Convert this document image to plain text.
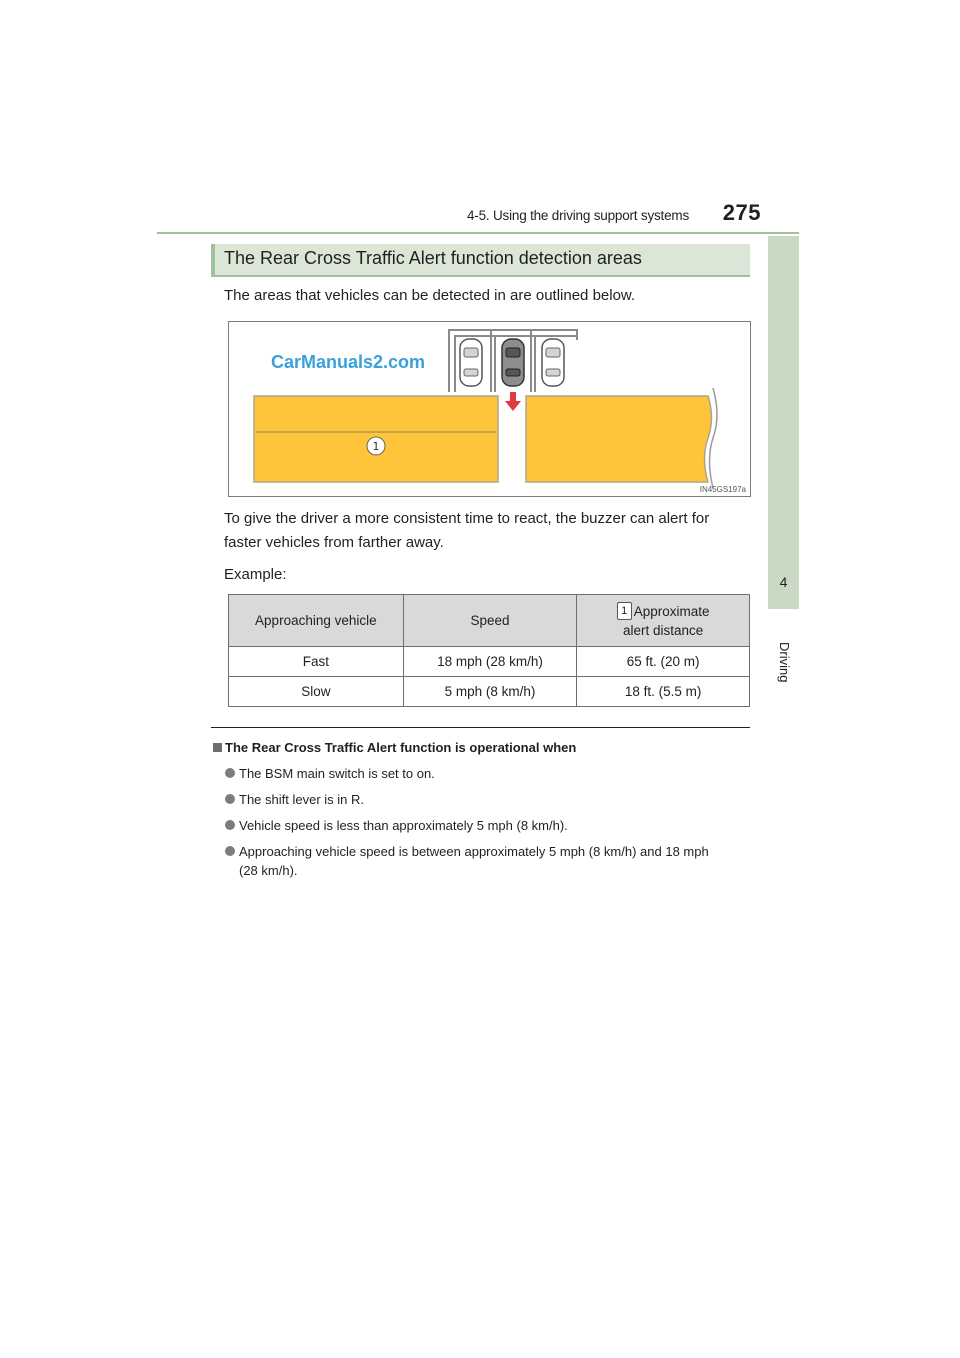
4-5. Using the driving support systems	275
4
Driving
The Rear Cross Traffic Alert function detection areas
The areas that vehicles can be detected in are outlined below.
1
CarManuals2.com
IN45GS197a
To give the driver a more consistent time to react, the buzzer can alert for
faster vehicles from farther away.
Example:
Approaching vehicle	Speed	1 Approximate
alert distance
Fast	18 mph (28 km/h)	65 ft. (20 m)
Slow	5 mph (8 km/h)	18 ft. (5.5 m)
The Rear Cross Traffic Alert function is operational when
The BSM main switch is set to on.
The shift lever is in R.
Vehicle speed is less than approximately 5 mph (8 km/h).
Approaching vehicle speed is between approximately 5 mph (8 km/h) and 18 mph
(28 km/h).
